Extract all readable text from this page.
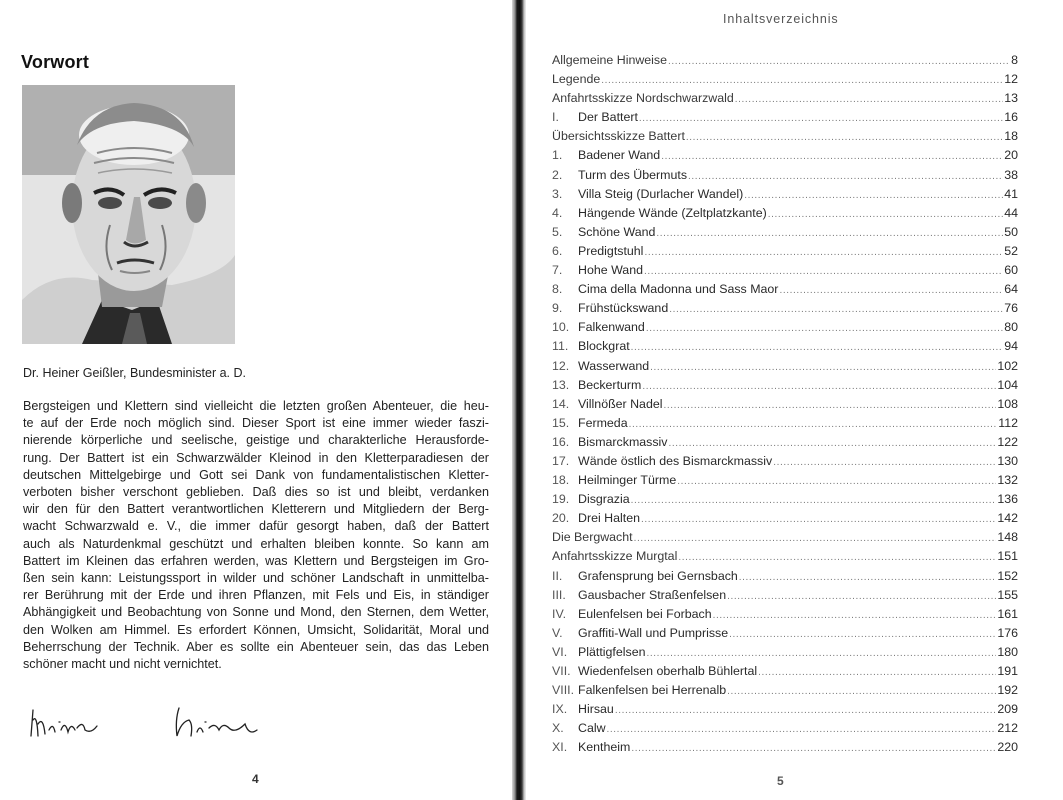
Vorwort
Dr. Heiner Geißler, Bundesminister a. D.
Bergsteigen und Klettern sind vielleicht die letzten großen Abenteuer, die heu-
te auf der Erde noch möglich sind. Dieser Sport ist eine immer wieder faszi-
nierende körperliche und seelische, geistige und charakterliche Herausforde-
rung. Der Battert ist ein Schwarzwälder Kleinod in den Kletterparadiesen der
deutschen Mittelgebirge und Gott sei Dank von fundamentalistischen Kletter-
verboten bisher verschont geblieben. Daß dies so ist und bleibt, verdanken
wir den für den Battert verantwortlichen Kletterern und Mitgliedern der Berg-
wacht Schwarzwald e. V., die immer dafür gesorgt haben, daß der Battert
auch als Naturdenkmal geschützt und erhalten bleiben konnte. So kann am
Battert im Kleinen das erfahren werden, was Klettern und Bergsteigen im Gro-
ßen sein kann: Leistungssport in wilder und schöner Landschaft in unmittelba-
rer Berührung mit der Erde und ihren Pflanzen, mit Fels und Eis, in ständiger
Abhängigkeit und Beobachtung von Sonne und Mond, den Sternen, dem Wetter,
den Wolken am Himmel. Es erfordert Können, Umsicht, Solidarität, Moral und
Beherrschung der Technik. Aber es sollte ein Abenteuer sein, das das Leben
schöner macht und nicht vernichtet.
4
Inhaltsverzeichnis
Allgemeine Hinweise .....	8
Legende .....	12
Anfahrtsskizze Nordschwarzwald .....	13
I.	Der Battert .....	16
Übersichtsskizze Battert .....	18
1.	Badener Wand .....	20
2.	Turm des Übermuts .....	38
3.	Villa Steig (Durlacher Wandel) .....	41
4.	Hängende Wände (Zeltplatzkante) .....	44
5.	Schöne Wand .....	50
6.	Predigtstuhl .....	52
7.	Hohe Wand .....	60
8.	Cima della Madonna und Sass Maor .....	64
9.	Frühstückswand .....	76
10. Falkenwand .....	80
11. Blockgrat .....	94
12. Wasserwand .....	102
13. Beckerturm .....	104
14. Villnößer Nadel .....	108
15. Fermeda .....	112
16. Bismarckmassiv .....	122
17. Wände östlich des Bismarckmassiv .....	130
18. Heilminger Türme .....	132
19. Disgrazia .....	136
20. Drei Halten .....	142
Die Bergwacht .....	148
Anfahrtsskizze Murgtal .....	151
II.	Grafensprung bei Gernsbach .....	152
III. Gausbacher Straßenfelsen .....	155
IV. Eulenfelsen bei Forbach .....	161
V.	Graffiti-Wall und Pumprisse .....	176
VI. Plättigfelsen .....	180
VII. Wiedenfelsen oberhalb Bühlertal .....	191
VIII. Falkenfelsen bei Herrenalb .....	192
IX. Hirsau .....	209
X.	Calw .....	212
XI. Kentheim .....	220
5
